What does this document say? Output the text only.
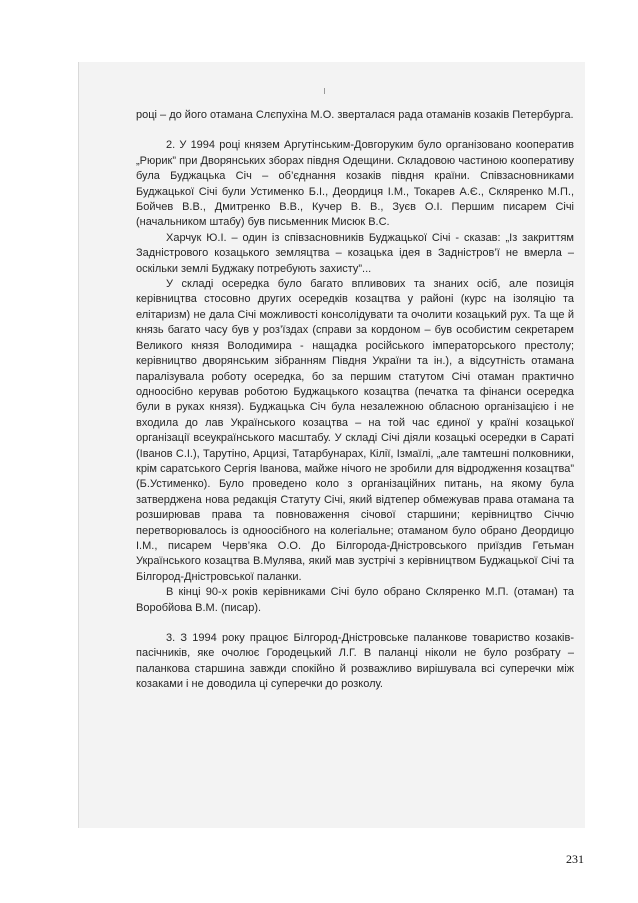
році – до його отамана Слєпухіна М.О. зверталася рада отаманів козаків Петербурга.

2. У 1994 році князем Аргутінським-Довгоруким було організовано кооператив „Рюрик” при Дворянських зборах півдня Одещини. Складовою частиною кооперативу була Буджацька Січ – об’єднання козаків півдня країни. Співзасновниками Буджацької Січі були Устименко Б.І., Деордиця І.М., Токарев А.Є., Скляренко М.П., Бойчев В.В., Дмитренко В.В., Кучер В. В., Зуєв О.І. Першим писарем Січі (начальником штабу) був письменник Мисюк В.С.

Харчук Ю.І. – один із співзасновників Буджацької Січі - сказав: „Із закриттям Задністрового козацького земляцтва – козацька ідея в Задністров’ї не вмерла – оскільки землі Буджаку потребують захисту”...

У складі осередка було багато впливових та знаних осіб, але позиція керівництва стосовно других осередків козацтва у районі (курс на ізоляцію та елітаризм) не дала Січі можливості консолідувати та очолити козацький рух. Та ще й князь багато часу був у роз’їздах (справи за кордоном – був особистим секретарем Великого князя Володимира - нащадка російського імператорського престолу; керівництво дворянським зібранням Півдня України та ін.), а відсутність отамана паралізувала роботу осередка, бо за першим статутом Січі отаман практично одноосібно керував роботою Буджацького козацтва (печатка та фінанси осередка були в руках князя). Буджацька Січ була незалежною обласною організацією і не входила до лав Українського козацтва – на той час єдиної у країні козацької організації всеукраїнського масштабу. У складі Січі діяли козацькі осередки в Сараті (Іванов С.І.), Тарутіно, Арцизі, Татарбунарах, Кілії, Ізмаїлі, „але тамтешні полковники, крім саратського Сергія Іванова, майже нічого не зробили для відродження козацтва” (Б.Устименко). Було проведено коло з організаційних питань, на якому була затверджена нова редакція Статуту Січі, який відтепер обмежував права отамана та розширював права та повноваження січової старшини; керівництво Січчю перетворювалось із одноосібного на колегіальне; отаманом було обрано Деордицю І.М., писарем Черв’яка О.О. До Білгорода-Дністровського приїздив Гетьман Українського козацтва В.Мулява, який мав зустрічі з керівництвом Буджацької Січі та Білгород-Дністровської паланки.

В кінці 90-х років керівниками Січі було обрано Скляренко М.П. (отаман) та Воробйова В.М. (писар).

3. З 1994 року працює Білгород-Дністровське паланкове товариство козаків-пасічників, яке очолює Городецький Л.Г. В паланці ніколи не було розбрату – паланкова старшина завжди спокійно й розважливо вирішувала всі суперечки між козаками і не доводила ці суперечки до розколу.

231
